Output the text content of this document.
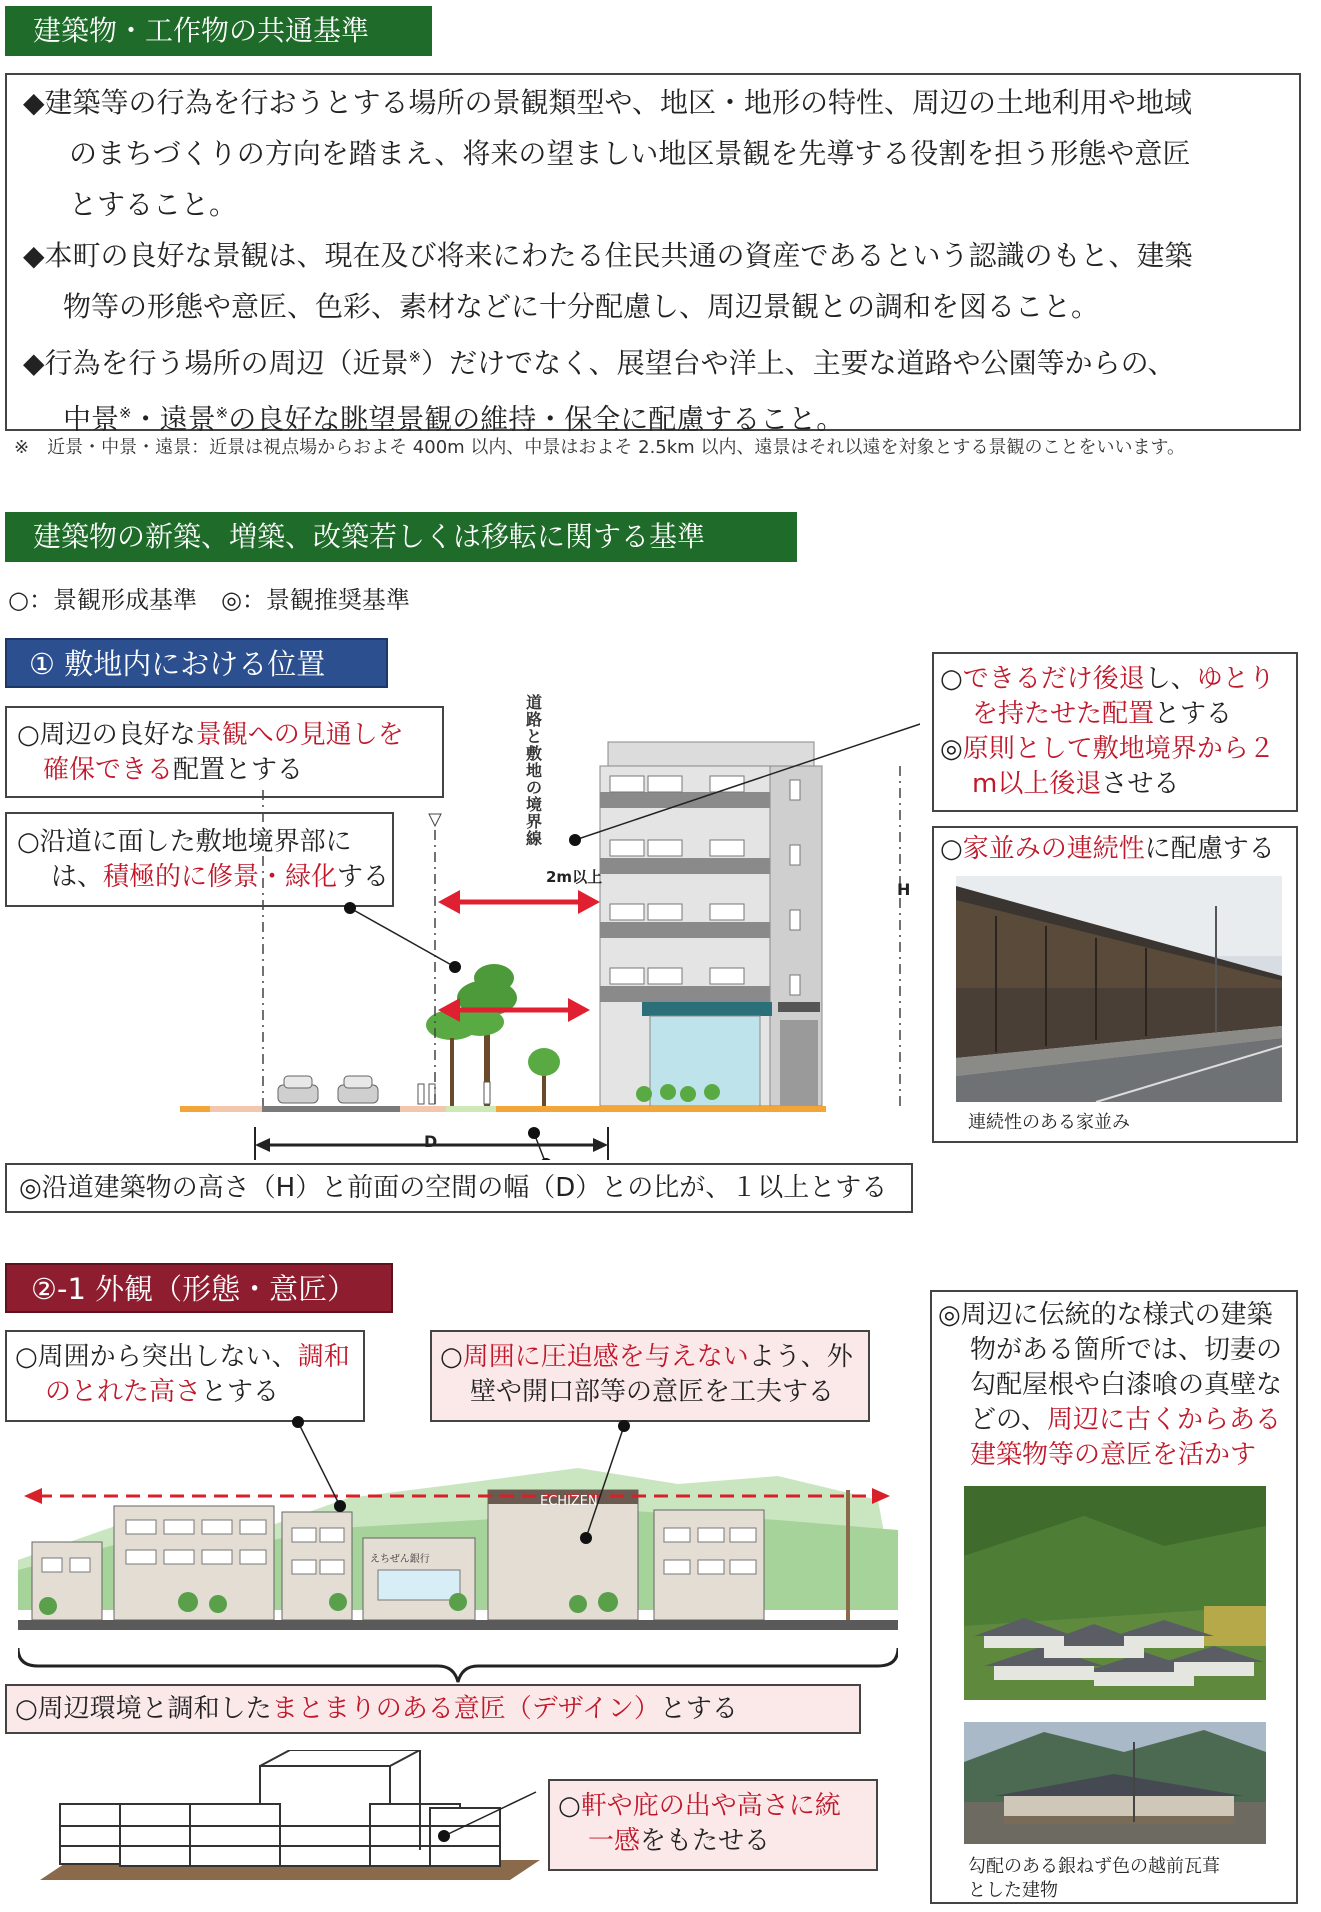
建築物・工作物の共通基準

◆建築等の行為を行おうとする場所の景観類型や、地区・地形の特性、周辺の土地利用や地域

のまちづくりの方向を踏まえ、将来の望ましい地区景観を先導する役割を担う形態や意匠

とすること。

◆本町の良好な景観は、現在及び将来にわたる住民共通の資産であるという認識のもと、建築

物等の形態や意匠、色彩、素材などに十分配慮し、周辺景観との調和を図ること。

◆行為を行う場所の周辺（近景※）だけでなく、展望台や洋上、主要な道路や公園等からの、

中景※・遠景※の良好な眺望景観の維持・保全に配慮すること。

※　近景・中景・遠景：近景は視点場からおよそ 400m 以内、中景はおよそ 2.5km 以内、遠景はそれ以遠を対象とする景観のことをいいます。
建築物の新築、増築、改築若しくは移転に関する基準
○：景観形成基準　◎：景観推奨基準
① 敷地内における位置
○周辺の良好な景観への見通しを
確保できる配置とする
○沿道に面した敷地境界部に
は、積極的に修景・緑化する
道路と敷地の境界線
2m以上
H
D
○できるだけ後退し、ゆとり
を持たせた配置とする
◎原則として敷地境界から２
m以上後退させる
○家並みの連続性に配慮する
連続性のある家並み
◎沿道建築物の高さ（H）と前面の空間の幅（D）との比が、１以上とする
②-1 外観（形態・意匠）
○周囲から突出しない、調和
のとれた高さとする
○周囲に圧迫感を与えないよう、外
壁や開口部等の意匠を工夫する
◎周辺に伝統的な様式の建築
物がある箇所では、切妻の
勾配屋根や白漆喰の真壁な
どの、周辺に古くからある
建築物等の意匠を活かす
勾配のある銀ねず色の越前瓦葺
とした建物
ECHIZEN
えちぜん銀行
○周辺環境と調和したまとまりのある意匠（デザイン）とする
○軒や庇の出や高さに統
一感をもたせる
